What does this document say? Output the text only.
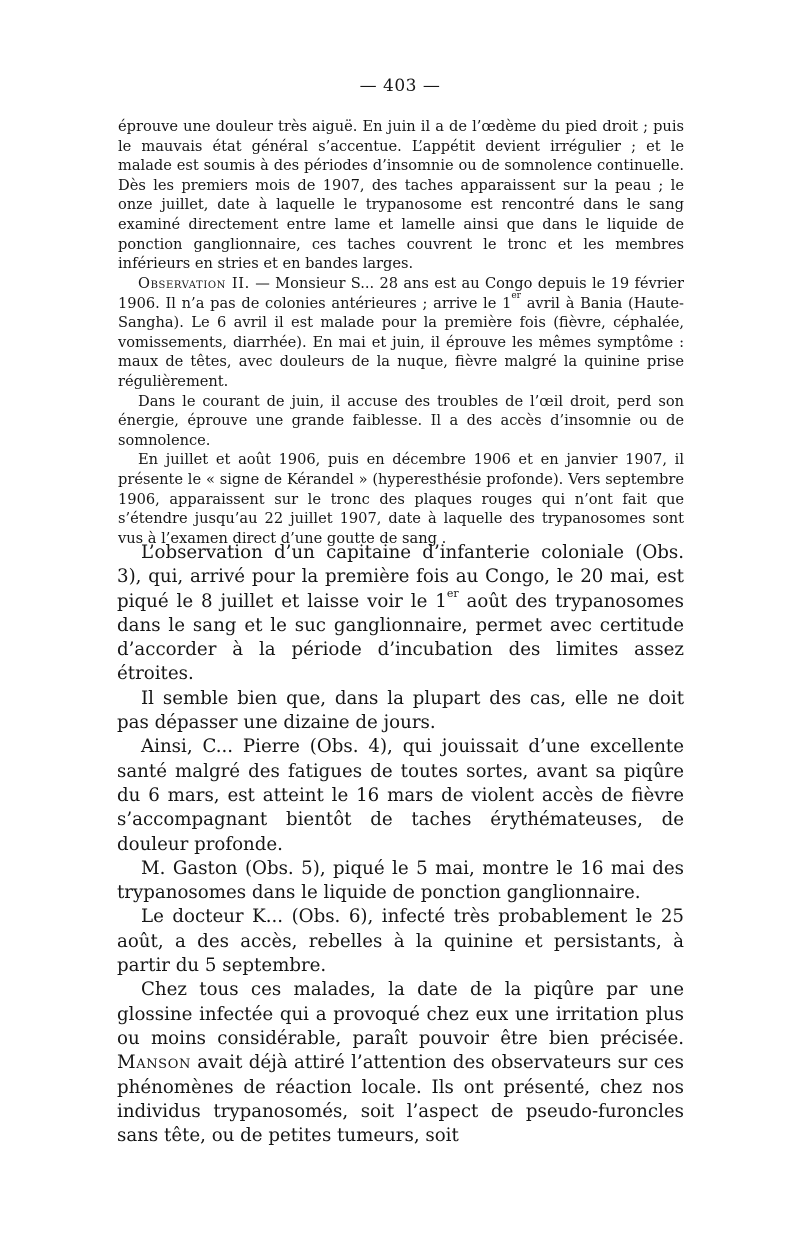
— 403 —

éprouve une douleur très aiguë. En juin il a de l’œdème du pied droit ; puis le mauvais état général s’accentue. L’appétit devient irrégulier ; et le malade est soumis à des périodes d’insomnie ou de somnolence continuelle. Dès les premiers mois de 1907, des taches apparaissent sur la peau ; le onze juillet, date à laquelle le trypanosome est rencontré dans le sang examiné directement entre lame et lamelle ainsi que dans le liquide de ponction ganglionnaire, ces taches couvrent le tronc et les membres inférieurs en stries et en bandes larges.

Observation II. — Monsieur S... 28 ans est au Congo depuis le 19 février 1906. Il n’a pas de colonies antérieures ; arrive le 1er avril à Bania (Haute-Sangha). Le 6 avril il est malade pour la première fois (fièvre, céphalée, vomissements, diarrhée). En mai et juin, il éprouve les mêmes symptôme : maux de têtes, avec douleurs de la nuque, fièvre malgré la quinine prise régulièrement.

Dans le courant de juin, il accuse des troubles de l’œil droit, perd son énergie, éprouve une grande faiblesse. Il a des accès d’insomnie ou de somnolence.

En juillet et août 1906, puis en décembre 1906 et en janvier 1907, il présente le « signe de Kérandel » (hyperesthésie profonde). Vers septembre 1906, apparaissent sur le tronc des plaques rouges qui n’ont fait que s’étendre jusqu’au 22 juillet 1907, date à laquelle des trypanosomes sont vus à l’examen direct d’une goutte de sang .

L’observation d’un capitaine d’infanterie coloniale (Obs. 3), qui, arrivé pour la première fois au Congo, le 20 mai, est piqué le 8 juillet et laisse voir le 1er août des trypanosomes dans le sang et le suc ganglionnaire, permet avec certitude d’accorder à la période d’incubation des limites assez étroites.

Il semble bien que, dans la plupart des cas, elle ne doit pas dépasser une dizaine de jours.

Ainsi, C... Pierre (Obs. 4), qui jouissait d’une excellente santé malgré des fatigues de toutes sortes, avant sa piqûre du 6 mars, est atteint le 16 mars de violent accès de fièvre s’accompagnant bientôt de taches érythémateuses, de douleur profonde.

M. Gaston (Obs. 5), piqué le 5 mai, montre le 16 mai des trypanosomes dans le liquide de ponction ganglionnaire.

Le docteur K... (Obs. 6), infecté très probablement le 25 août, a des accès, rebelles à la quinine et persistants, à partir du 5 septembre.

Chez tous ces malades, la date de la piqûre par une glossine infectée qui a provoqué chez eux une irritation plus ou moins considérable, paraît pouvoir être bien précisée. Manson avait déjà attiré l’attention des observateurs sur ces phénomènes de réaction locale. Ils ont présenté, chez nos individus trypanosomés, soit l’aspect de pseudo-furoncles sans tête, ou de petites tumeurs, soit
